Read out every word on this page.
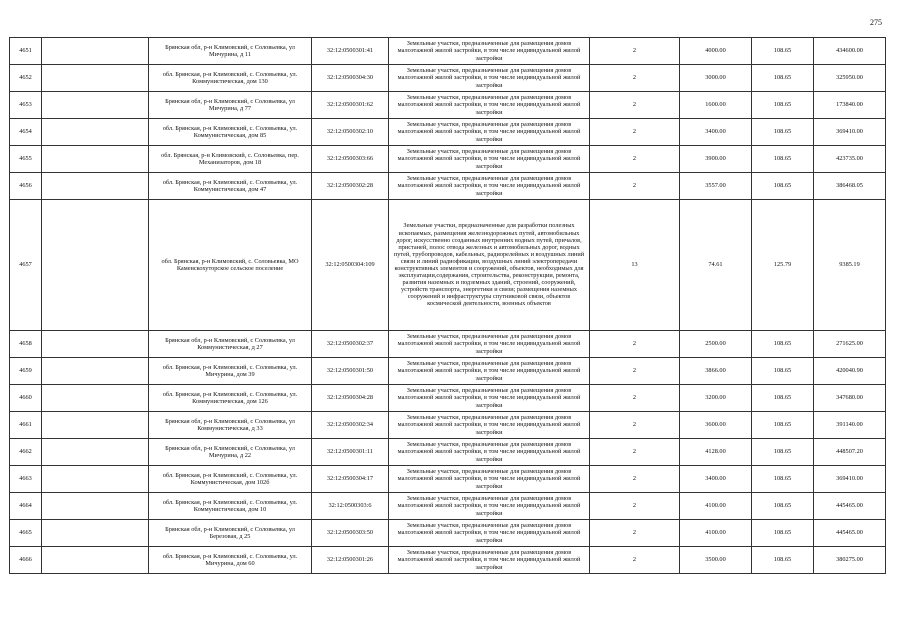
275
4651		Брянская обл, р-н Климовский, с Соловьевка, ул Мичурина, д 11	32:12:0500301:41	Земельные участки, предназначенные для размещения домов малоэтажной жилой застройки, в том числе индивидуальной жилой застройки	2	4000.00	108.65	434600.00
4652		обл. Брянская, р-н Климовский, с. Соловьевка, ул. Коммунистическая, дом 130	32:12:0500304:30	Земельные участки, предназначенные для размещения домов малоэтажной жилой застройки, в том числе индивидуальной жилой застройки	2	3000.00	108.65	325950.00
4653		Брянская обл, р-н Климовский, с Соловьевка, ул Мичурина, д 77	32:12:0500301:62	Земельные участки, предназначенные для размещения домов малоэтажной жилой застройки, в том числе индивидуальной жилой застройки	2	1600.00	108.65	173840.00
4654		обл. Брянская, р-н Климовский, с. Соловьевка, ул. Коммунистическая, дом 85	32:12:0500302:10	Земельные участки, предназначенные для размещения домов малоэтажной жилой застройки, в том числе индивидуальной жилой застройки	2	3400.00	108.65	369410.00
4655		обл. Брянская, р-н Климовский, с. Соловьевка, пер. Механизаторов, дом 18	32:12:0500303:66	Земельные участки, предназначенные для размещения домов малоэтажной жилой застройки, в том числе индивидуальной жилой застройки	2	3900.00	108.65	423735.00
4656		обл. Брянская, р-н Климовский, с. Соловьевка, ул. Коммунистическая, дом 47	32:12:0500302:28	Земельные участки, предназначенные для размещения домов малоэтажной жилой застройки, в том числе индивидуальной жилой застройки	2	3557.00	108.65	386468.05
4657		обл. Брянская, р-н Климовский, с. Соловьевка, МО Каменскохуторское сельское поселение	32:12:0500304:109	Земельные участки, предназначенные для разработки полезных ископаемых, размещения железнодорожных путей, автомобильных дорог, искусственно созданных внутренних водных путей, причалов, пристаней, полос отвода железных и автомобильных дорог, водных путей, трубопроводов, кабельных, радиорелейных и воздушных линий связи и линий радиофикации, воздушных линий электропередачи конструктивных элементов и сооружений, объектов, необходимых для эксплуатации,содержания, строительства, реконструкции, ремонта, развития наземных и подземных зданий, строений, сооружений, устройств транспорта, энергетики и связи; размещения наземных сооружений и инфраструктуры спутниковой связи, объектов космической деятельности, военных объектов	13	74.61	125.79	9385.19
4658		Брянская обл, р-н Климовский, с Соловьевка, ул Коммунистическая, д 27	32:12:0500302:37	Земельные участки, предназначенные для размещения домов малоэтажной жилой застройки, в том числе индивидуальной жилой застройки	2	2500.00	108.65	271625.00
4659		обл. Брянская, р-н Климовский, с. Соловьевка, ул. Мичурина, дом 39	32:12:0500301:50	Земельные участки, предназначенные для размещения домов малоэтажной жилой застройки, в том числе индивидуальной жилой застройки	2	3866.00	108.65	420040.90
4660		обл. Брянская, р-н Климовский, с. Соловьевка, ул. Коммунистическая, дом 126	32:12:0500304:28	Земельные участки, предназначенные для размещения домов малоэтажной жилой застройки, в том числе индивидуальной жилой застройки	2	3200.00	108.65	347680.00
4661		Брянская обл, р-н Климовский, с Соловьевка, ул Коммунистическая, д 33	32:12:0500302:34	Земельные участки, предназначенные для размещения домов малоэтажной жилой застройки, в том числе индивидуальной жилой застройки	2	3600.00	108.65	391140.00
4662		Брянская обл, р-н Климовский, с Соловьевка, ул Мичурина, д 22	32:12:0500301:11	Земельные участки, предназначенные для размещения домов малоэтажной жилой застройки, в том числе индивидуальной жилой застройки	2	4128.00	108.65	448507.20
4663		обл. Брянская, р-н Климовский, с. Соловьевка, ул. Коммунистическая, дом 102б	32:12:0500304:17	Земельные участки, предназначенные для размещения домов малоэтажной жилой застройки, в том числе индивидуальной жилой застройки	2	3400.00	108.65	369410.00
4664		обл. Брянская, р-н Климовский, с. Соловьевка, ул. Коммунистическая, дом 10	32:12:0500303:6	Земельные участки, предназначенные для размещения домов малоэтажной жилой застройки, в том числе индивидуальной жилой застройки	2	4100.00	108.65	445465.00
4665		Брянская обл, р-н Климовский, с Соловьевка, ул Березовая, д 25	32:12:0500303:50	Земельные участки, предназначенные для размещения домов малоэтажной жилой застройки, в том числе индивидуальной жилой застройки	2	4100.00	108.65	445465.00
4666		обл. Брянская, р-н Климовский, с. Соловьевка, ул. Мичурина, дом 60	32:12:0500301:26	Земельные участки, предназначенные для размещения домов малоэтажной жилой застройки, в том числе индивидуальной жилой застройки	2	3500.00	108.65	380275.00
